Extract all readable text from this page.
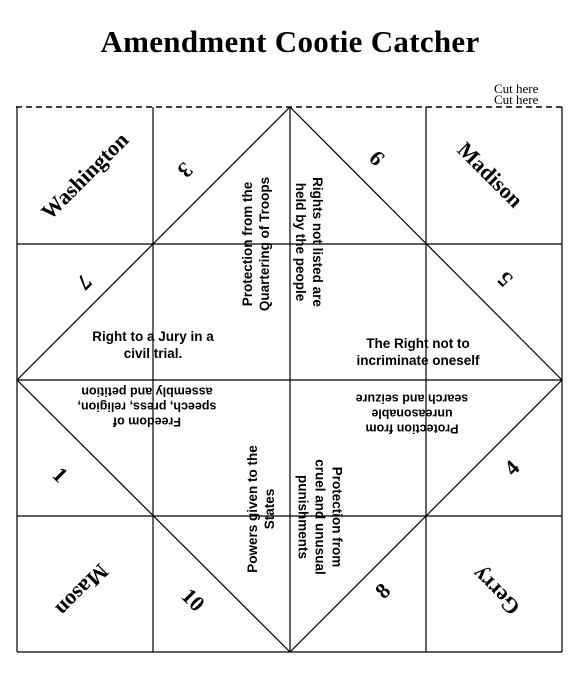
Amendment Cootie Catcher
Cut here
Cut here
Washington	Madison
Mason	Gerry
3	9
7	5
1	4
10	8
Right to a Jury in a
civil trial.
The Right not to
incriminate oneself
Freedom of
speech, press, religion,
assembly and petition
Protection from
unreasonable
search and seizure
Protection from the Quartering of Troops	Rights not listed are
held by the people
Powers given to the States	Protection from
cruel and unusual
punishments
